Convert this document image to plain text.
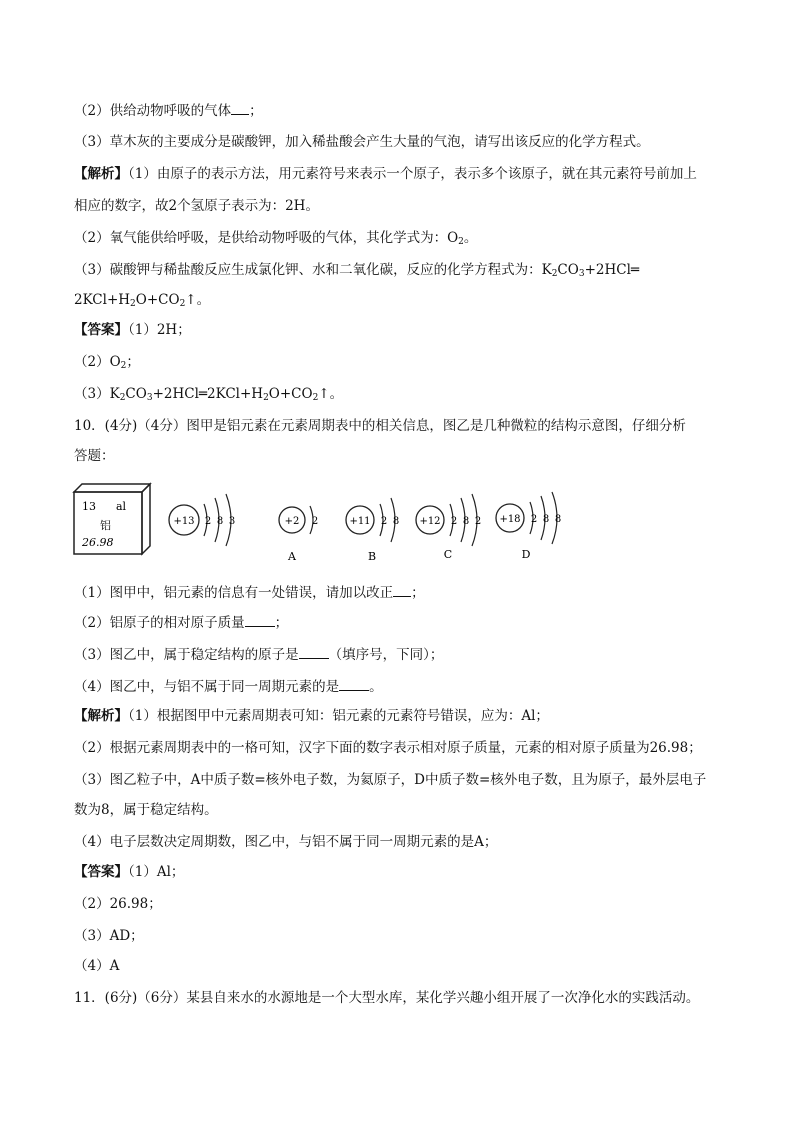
（2）供给动物呼吸的气体 ；
（3）草木灰的主要成分是碳酸钾，加入稀盐酸会产生大量的气泡，请写出该反应的化学方程式。
【解析】（1）由原子的表示方法，用元素符号来表示一个原子，表示多个该原子，就在其元素符号前加上
相应的数字，故2个氢原子表示为：2H。
（2）氧气能供给呼吸，是供给动物呼吸的气体，其化学式为：$O_2$。
（3）碳酸钾与稀盐酸反应生成氯化钾、水和二氧化碳，反应的化学方程式为：$K_2CO_3+2HCl═$
$2KCl+H_2O+CO_2↑$。
【答案】（1）2H；
$(2)O_2$；
$(3)K_2CO_3+2HCl═2KCl+H_2O+CO_2↑$。
10．(4分)（4分）图甲是铝元素在元素周期表中的相关信息，图乙是几种微粒的结构示意图，仔细分析
答题：
13 al
铝
26.98
+13 2 8 3	+2 2
A
+11 2 8
B
+12 2 8 2
C
+18 2 8 8
D
（1）图甲中，铝元素的信息有一处错误，请加以改正 ；
（2）铝原子的相对原子质量 ；
（3）图乙中，属于稳定结构的原子是 （填序号，下同）；
（4）图乙中，与铝不属于同一周期元素的是 。
【解析】（1）根据图甲中元素周期表可知：铝元素的元素符号错误，应为：Al；
（2）根据元素周期表中的一格可知，汉字下面的数字表示相对原子质量，元素的相对原子质量为26.98；
（3）图乙粒子中，A中质子数=核外电子数，为氦原子，D中质子数=核外电子数，且为原子，最外层电子
数为8，属于稳定结构。
（4）电子层数决定周期数，图乙中，与铝不属于同一周期元素的是A；
【答案】（1）Al；
（2）26.98；
（3）AD；
（4）A
11．(6分)（6分）某县自来水的水源地是一个大型水库，某化学兴趣小组开展了一次净化水的实践活动。
